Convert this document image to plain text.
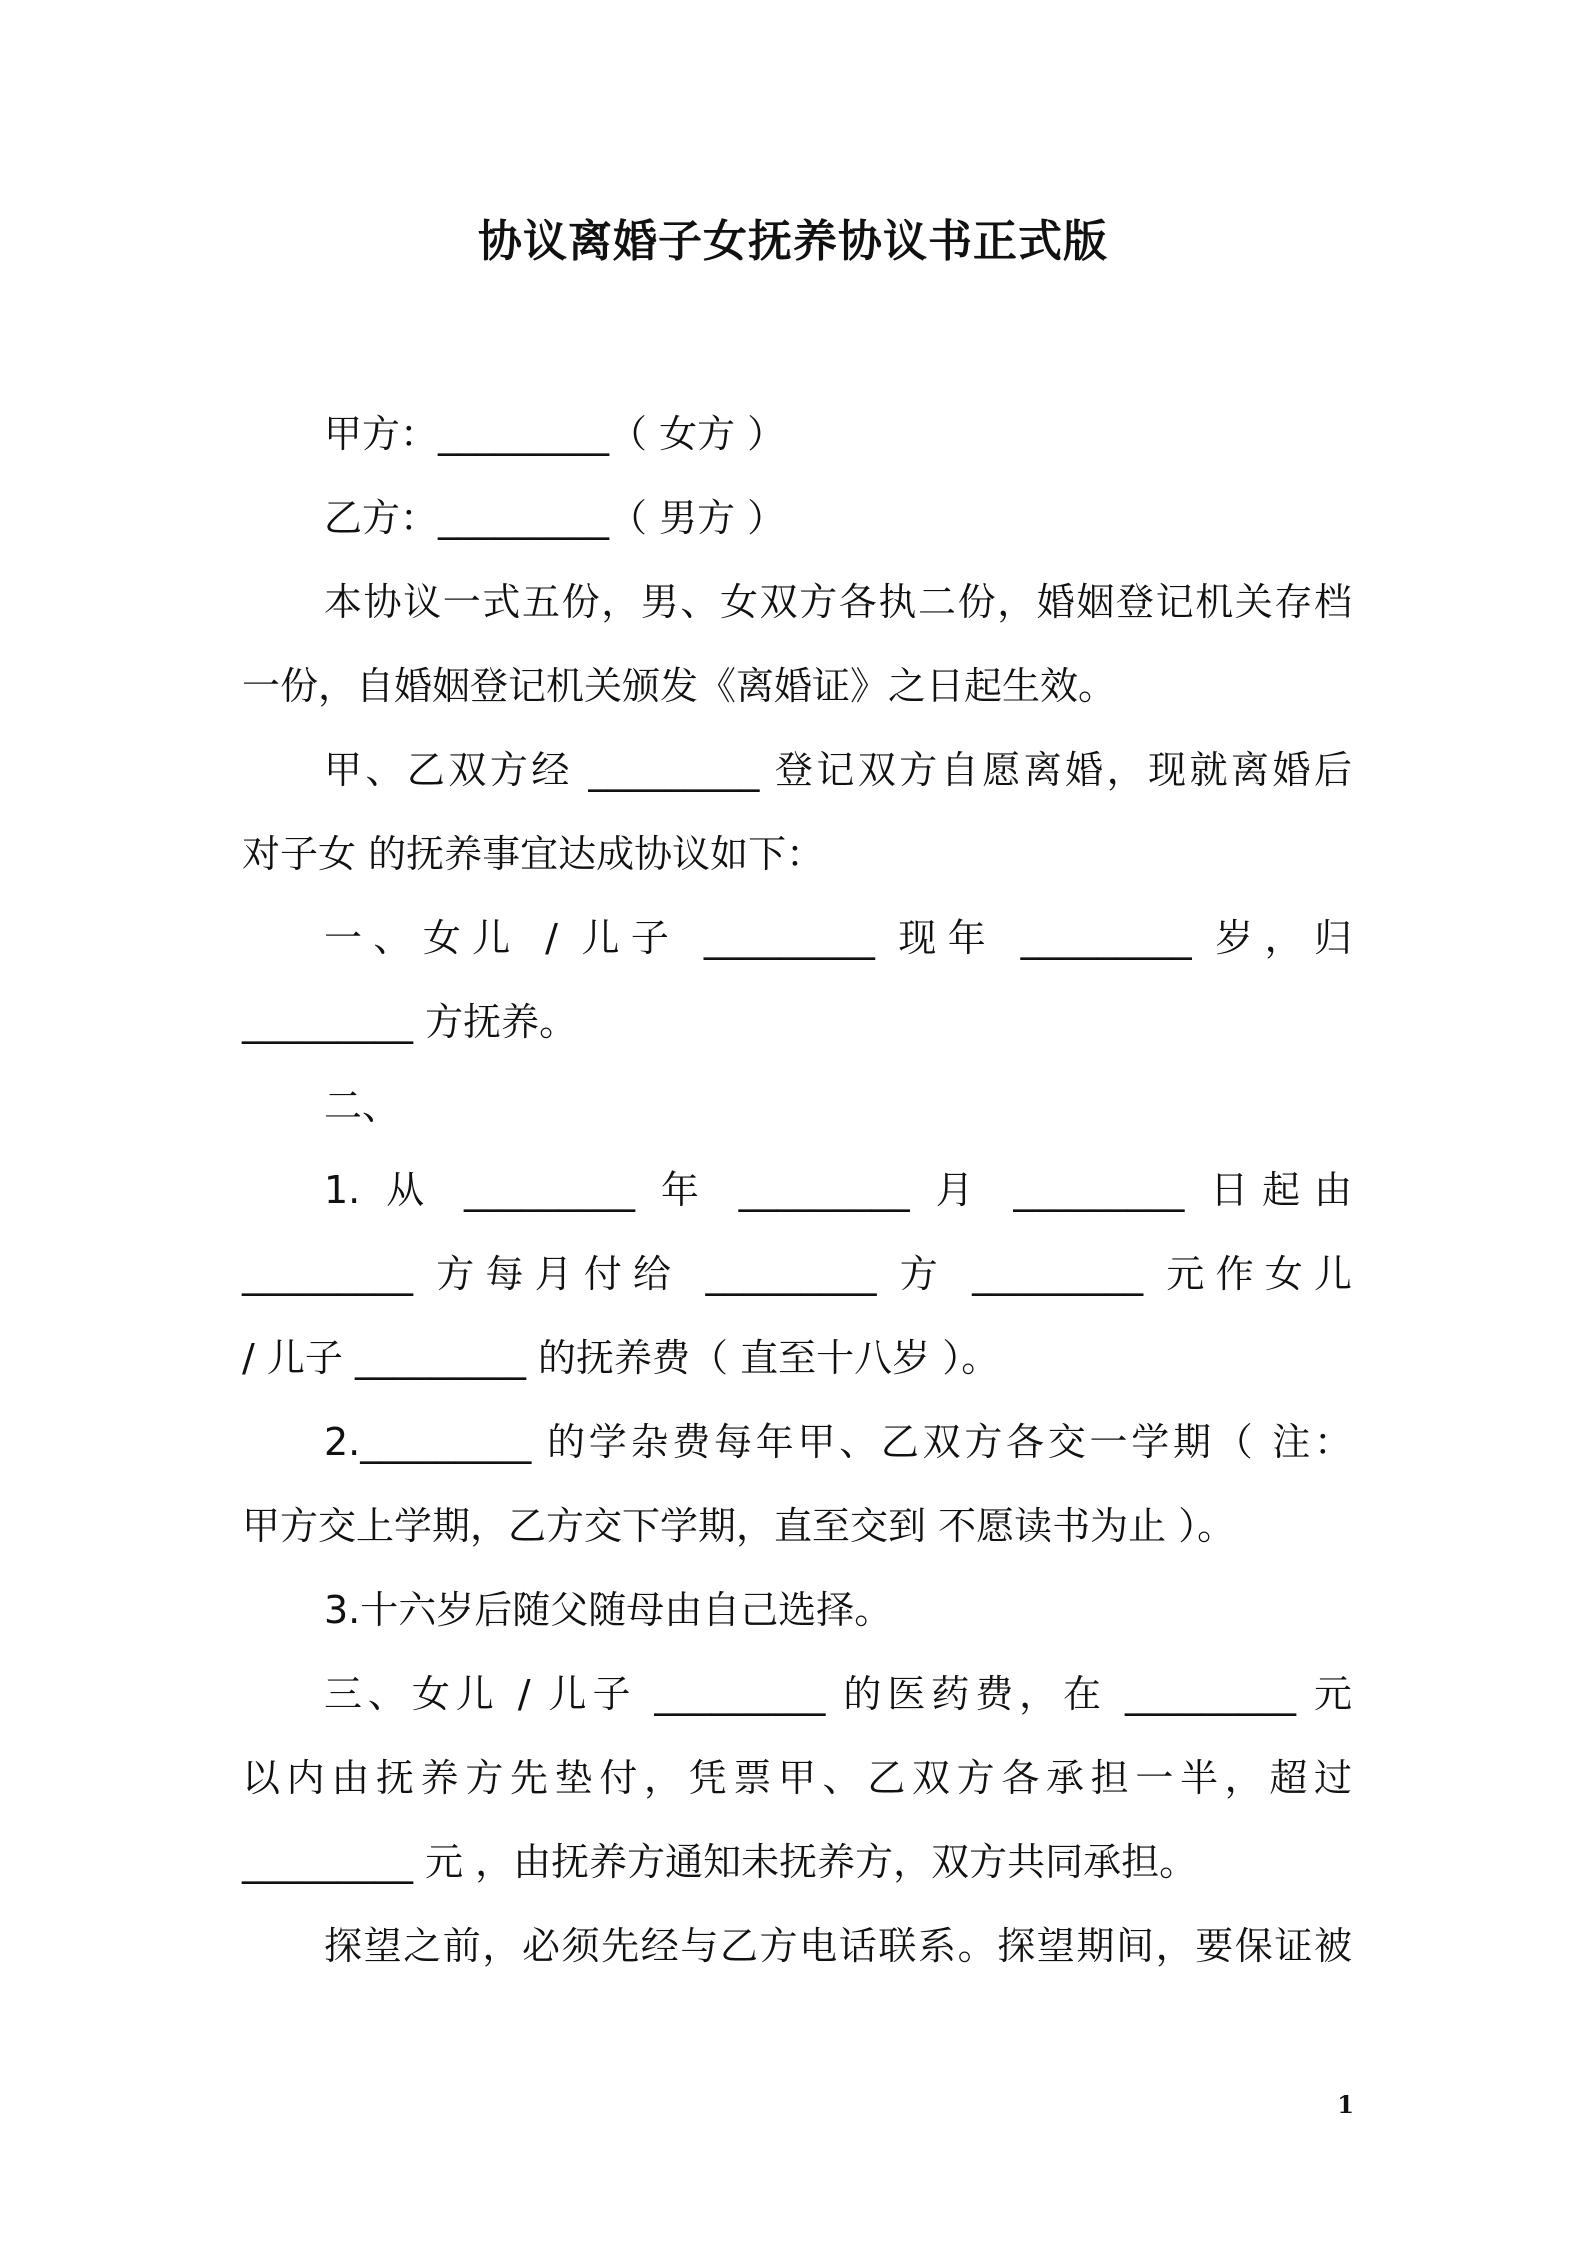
协议离婚子女抚养协议书正式版
甲方：_________（ 女方 ）
乙方：_________（ 男方 ）
本协议一式五份，男、女双方各执二份，婚姻登记机关存档
一份，自婚姻登记机关颁发《离婚证》之日起生效。
甲、乙双方经 _________ 登记双方自愿离婚，现就离婚后
对子女 的抚养事宜达成协议如下：
一、女儿 / 儿子 _________ 现年 _________ 岁，归
_________ 方抚养。
二、
1. 从 _________ 年 _________ 月 _________ 日起由
_________ 方每月付给 _________ 方 _________ 元作女儿
/ 儿子 _________ 的抚养费（ 直至十八岁 ）。
2._________ 的学杂费每年甲、乙双方各交一学期（ 注：
甲方交上学期，乙方交下学期，直至交到 不愿读书为止 ）。
3.十六岁后随父随母由自己选择。
三、女儿 / 儿子 _________ 的医药费，在 _________ 元
以内由抚养方先垫付，凭票甲、乙双方各承担一半，超过
_________ 元 ，由抚养方通知未抚养方，双方共同承担。
探望之前，必须先经与乙方电话联系。探望期间，要保证被
1
